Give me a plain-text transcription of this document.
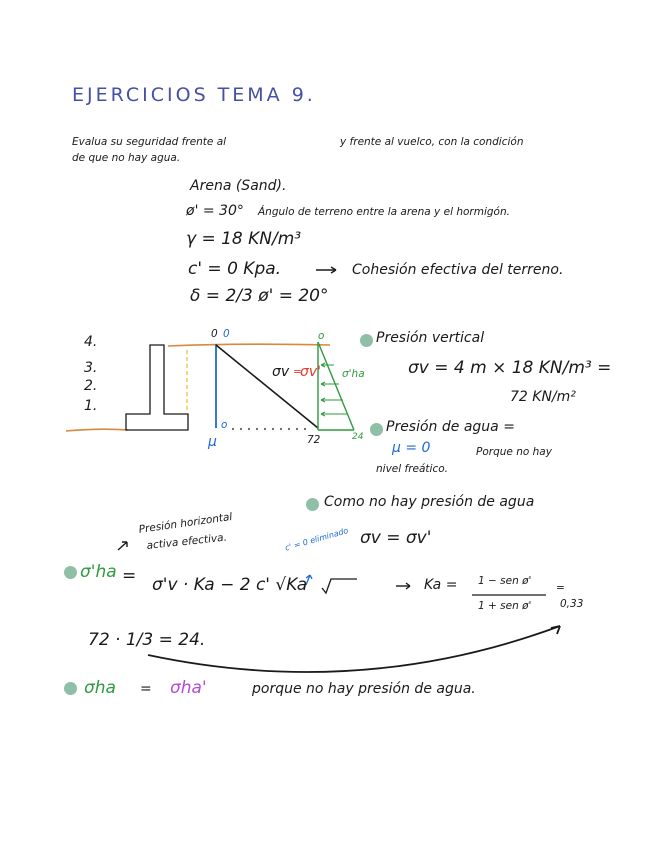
EJERCICIOS TEMA 9.
Evalua su seguridad frente al	y frente al vuelco, con la condición
de que no hay agua.
Arena (Sand).
ø' = 30° Ángulo de terreno entre la arena y el hormigón.
γ = 18 KN/m³
c' = 0 Kpa.	Cohesión efectiva del terreno.
δ = 2/3 ø' = 20°
4.
3.
2.
1.
0 0	o
o
72	24
μ
σv =
σv' σ'ha
Presión vertical
σv = 4 m × 18 KN/m³ =
72 KN/m²
Presión de agua =
μ = 0	Porque no hay
nivel freático.
Como no hay presión de agua
σv = σv'
Presión horizontal
activa efectiva.	c' = 0 eliminado
σ'ha = σ'v · Ka − 2 c' √Ka	Ka = 1 − sen ø'
1 + sen ø'
=
0,33
72 · 1/3 = 24.
σha = σha'	porque no hay presión de agua.
